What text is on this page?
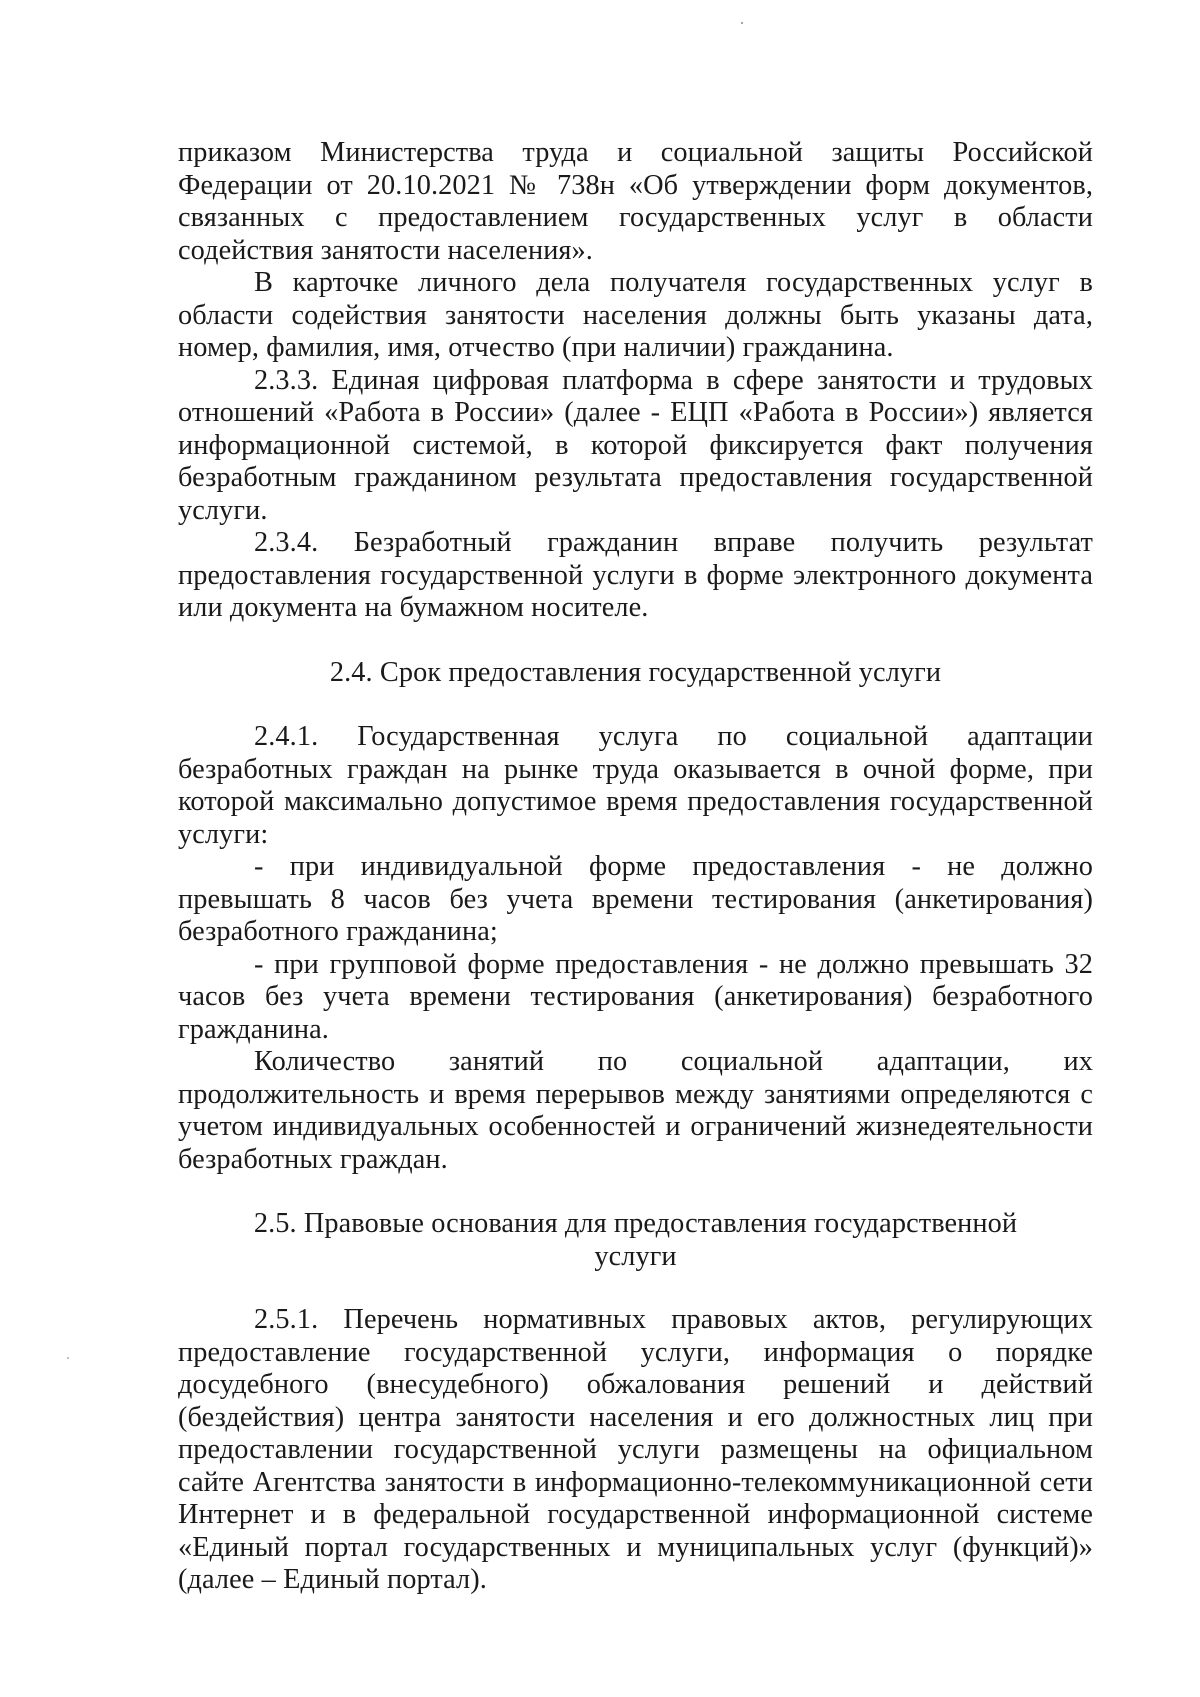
приказом Министерства труда и социальной защиты Российской Федерации от 20.10.2021 № 738н «Об утверждении форм документов, связанных с предоставлением государственных услуг в области содействия занятости населения».

В карточке личного дела получателя государственных услуг в области содействия занятости населения должны быть указаны дата, номер, фамилия, имя, отчество (при наличии) гражданина.

2.3.3. Единая цифровая платформа в сфере занятости и трудовых отношений «Работа в России» (далее - ЕЦП «Работа в России») является информационной системой, в которой фиксируется факт получения безработным гражданином результата предоставления государственной услуги.

2.3.4. Безработный гражданин вправе получить результат предоставления государственной услуги в форме электронного документа или документа на бумажном носителе.

2.4. Срок предоставления государственной услуги

2.4.1. Государственная услуга по социальной адаптации безработных граждан на рынке труда оказывается в очной форме, при которой максимально допустимое время предоставления государственной услуги:

- при индивидуальной форме предоставления - не должно превышать 8 часов без учета времени тестирования (анкетирования) безработного гражданина;

- при групповой форме предоставления - не должно превышать 32 часов без учета времени тестирования (анкетирования) безработного гражданина.

Количество занятий по социальной адаптации, их продолжительность и время перерывов между занятиями определяются с учетом индивидуальных особенностей и ограничений жизнедеятельности безработных граждан.

2.5. Правовые основания для предоставления государственной
услуги

2.5.1. Перечень нормативных правовых актов, регулирующих предоставление государственной услуги, информация о порядке досудебного (внесудебного) обжалования решений и действий (бездействия) центра занятости населения и его должностных лиц при предоставлении государственной услуги размещены на официальном сайте Агентства занятости в информационно-телекоммуникационной сети Интернет и в федеральной государственной информационной системе «Единый портал государственных и муниципальных услуг (функций)» (далее – Единый портал).
